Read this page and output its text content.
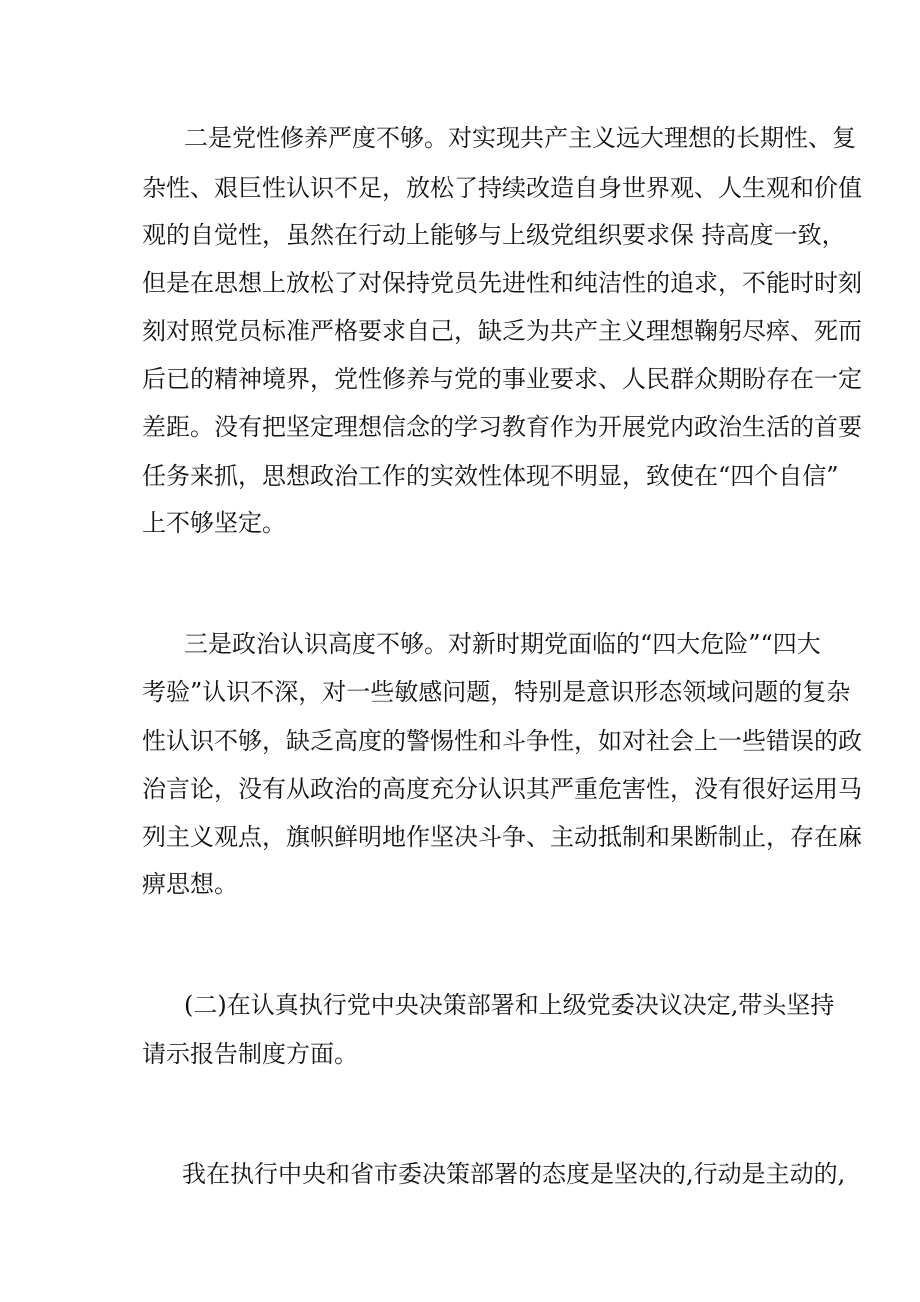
二是党性修养严度不够。对实现共产主义远大理想的长期性、复

杂性、艰巨性认识不足，放松了持续改造自身世界观、人生观和价值

观的自觉性，虽然在行动上能够与上级党组织要求保 持高度一致，

但是在思想上放松了对保持党员先进性和纯洁性的追求，不能时时刻

刻对照党员标准严格要求自己，缺乏为共产主义理想鞠躬尽瘁、死而

后已的精神境界，党性修养与党的事业要求、人民群众期盼存在一定

差距。没有把坚定理想信念的学习教育作为开展党内政治生活的首要

任务来抓，思想政治工作的实效性体现不明显，致使在“四个自信”

上不够坚定。

三是政治认识高度不够。对新时期党面临的“四大危险”“四大

考验”认识不深，对一些敏感问题，特别是意识形态领域问题的复杂

性认识不够，缺乏高度的警惕性和斗争性，如对社会上一些错误的政

治言论，没有从政治的高度充分认识其严重危害性，没有很好运用马

列主义观点，旗帜鲜明地作坚决斗争、主动抵制和果断制止，存在麻

痹思想。

(二)在认真执行党中央决策部署和上级党委决议决定,带头坚持

请示报告制度方面。

我在执行中央和省市委决策部署的态度是坚决的,行动是主动的,
